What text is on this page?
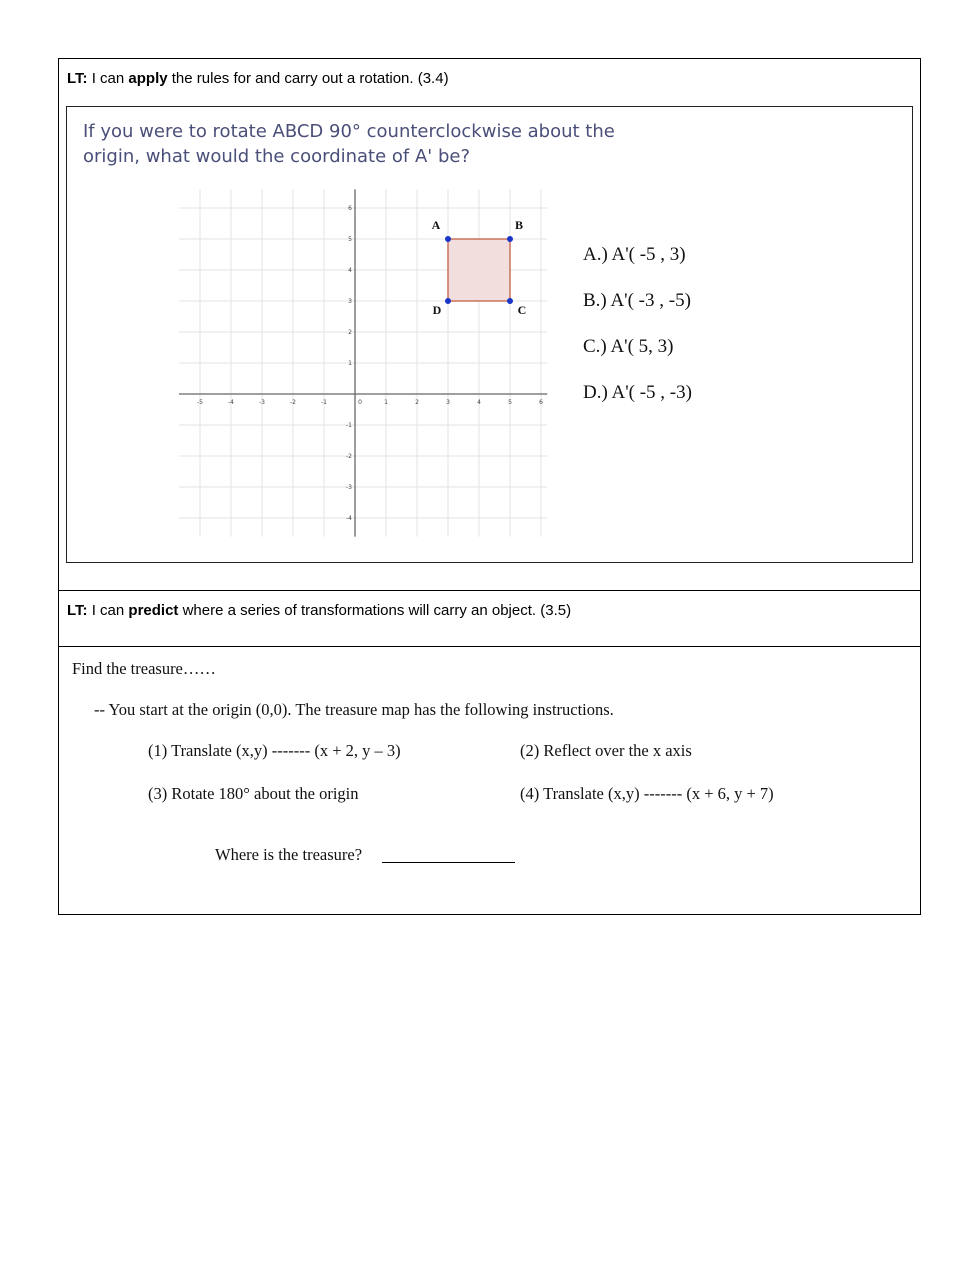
LT: I can apply the rules for and carry out a rotation. (3.4)
If you were to rotate ABCD 90° counterclockwise about the
origin, what would the coordinate of A' be?
-5	-4	-3	-2	-1	0	1	2	3	4	5	6
6
5
4
3
2
1
-1
-2
-3
-4
A	B
C
D
A.) A'( -5 , 3)
B.) A'( -3 , -5)
C.) A'( 5, 3)
D.) A'( -5 , -3)
LT: I can predict where a series of transformations will carry an object. (3.5)
Find the treasure……
-- You start at the origin (0,0). The treasure map has the following instructions.
(1) Translate (x,y) ------- (x + 2, y – 3)	(2) Reflect over the x axis
(3) Rotate 180° about the origin	(4) Translate (x,y) ------- (x + 6, y + 7)
Where is the treasure?
